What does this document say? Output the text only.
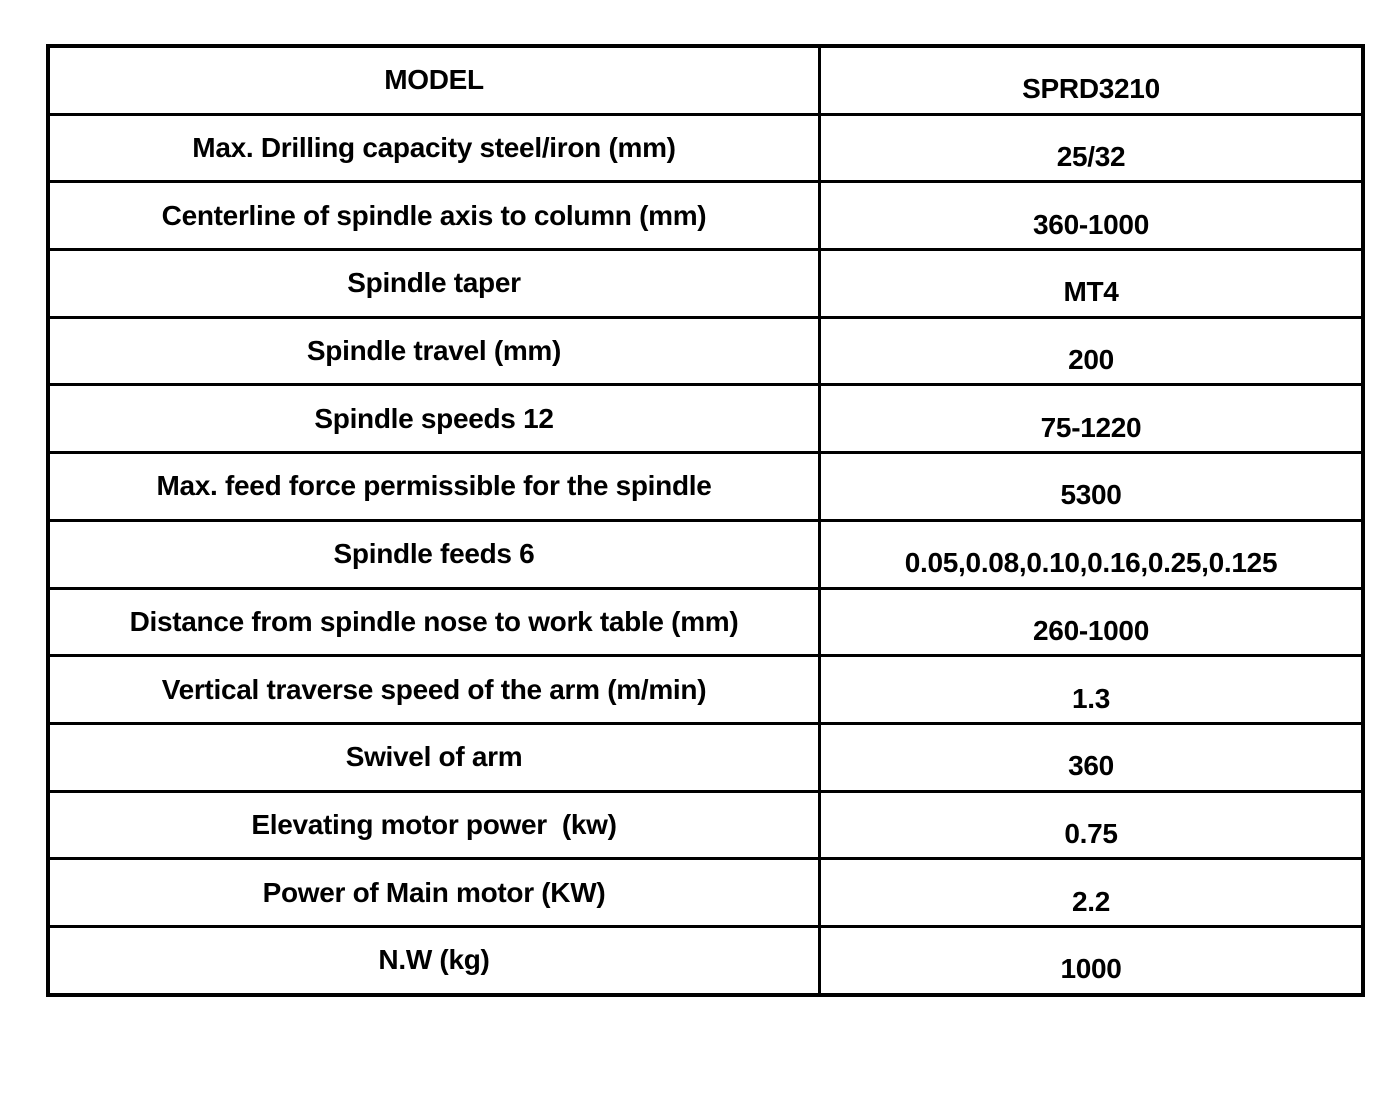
MODEL	SPRD3210
Max. Drilling capacity steel/iron (mm)	25/32
Centerline of spindle axis to column (mm)	360-1000
Spindle taper	MT4
Spindle travel (mm)	200
Spindle speeds 12	75-1220
Max. feed force permissible for the spindle	5300
Spindle feeds 6	0.05,0.08,0.10,0.16,0.25,0.125
Distance from spindle nose to work table (mm)	260-1000
Vertical traverse speed of the arm (m/min)	1.3
Swivel of arm	360
Elevating motor power  (kw)	0.75
Power of Main motor (KW)	2.2
N.W (kg)	1000
